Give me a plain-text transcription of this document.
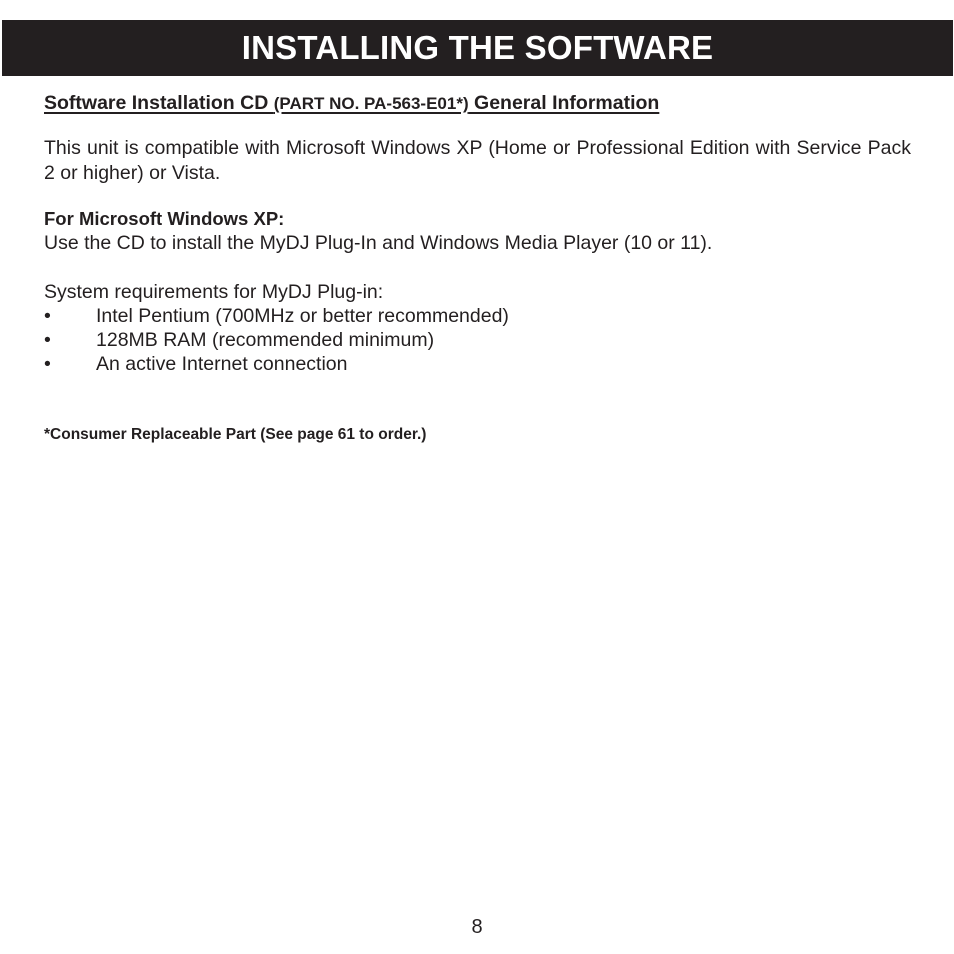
INSTALLING THE SOFTWARE
Software Installation CD (PART NO. PA-563-E01*) General Information

This unit is compatible with Microsoft Windows XP (Home or Professional Edition with Service Pack 2 or higher) or Vista.

For Microsoft Windows XP:

Use the CD to install the MyDJ Plug-In and Windows Media Player (10 or 11).

System requirements for MyDJ Plug-in:

•	Intel Pentium (700MHz or better recommended)
•	128MB RAM (recommended minimum)
•	An active Internet connection

*Consumer Replaceable Part (See page 61 to order.)

8
